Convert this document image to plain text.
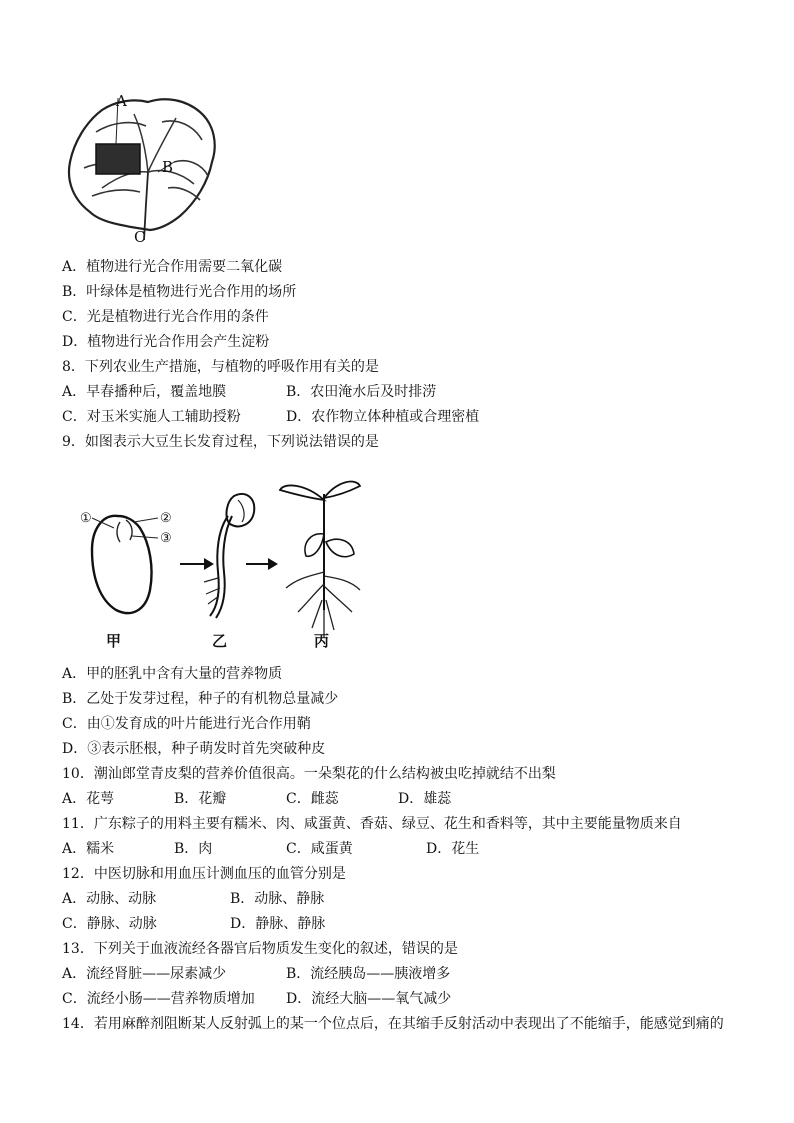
A
B
C
A．植物进行光合作用需要二氧化碳
B．叶绿体是植物进行光合作用的场所
C．光是植物进行光合作用的条件
D．植物进行光合作用会产生淀粉
8．下列农业生产措施，与植物的呼吸作用有关的是
A．早春播种后，覆盖地膜	B．农田淹水后及时排涝
C．对玉米实施人工辅助授粉	D．农作物立体种植或合理密植
9．如图表示大豆生长发育过程，下列说法错误的是
①	②
③
甲	乙	丙
A．甲的胚乳中含有大量的营养物质
B．乙处于发芽过程，种子的有机物总量减少
C．由①发育成的叶片能进行光合作用鞘
D．③表示胚根，种子萌发时首先突破种皮
10．潮汕郎堂青皮梨的营养价值很高。一朵梨花的什么结构被虫吃掉就结不出梨
A．花萼	B．花瓣	C．雌蕊	D．雄蕊
11．广东粽子的用料主要有糯米、肉、咸蛋黄、香菇、绿豆、花生和香料等，其中主要能量物质来自
A．糯米	B．肉	C．咸蛋黄	D．花生
12．中医切脉和用血压计测血压的血管分别是
A．动脉、动脉	B．动脉、静脉
C．静脉、动脉	D．静脉、静脉
13．下列关于血液流经各器官后物质发生变化的叙述，错误的是
A．流经肾脏——尿素减少	B．流经胰岛——胰液增多
C．流经小肠——营养物质增加 D．流经大脑——氧气减少
14．若用麻醉剂阻断某人反射弧上的某一个位点后，在其缩手反射活动中表现出了不能缩手，能感觉到痛的
